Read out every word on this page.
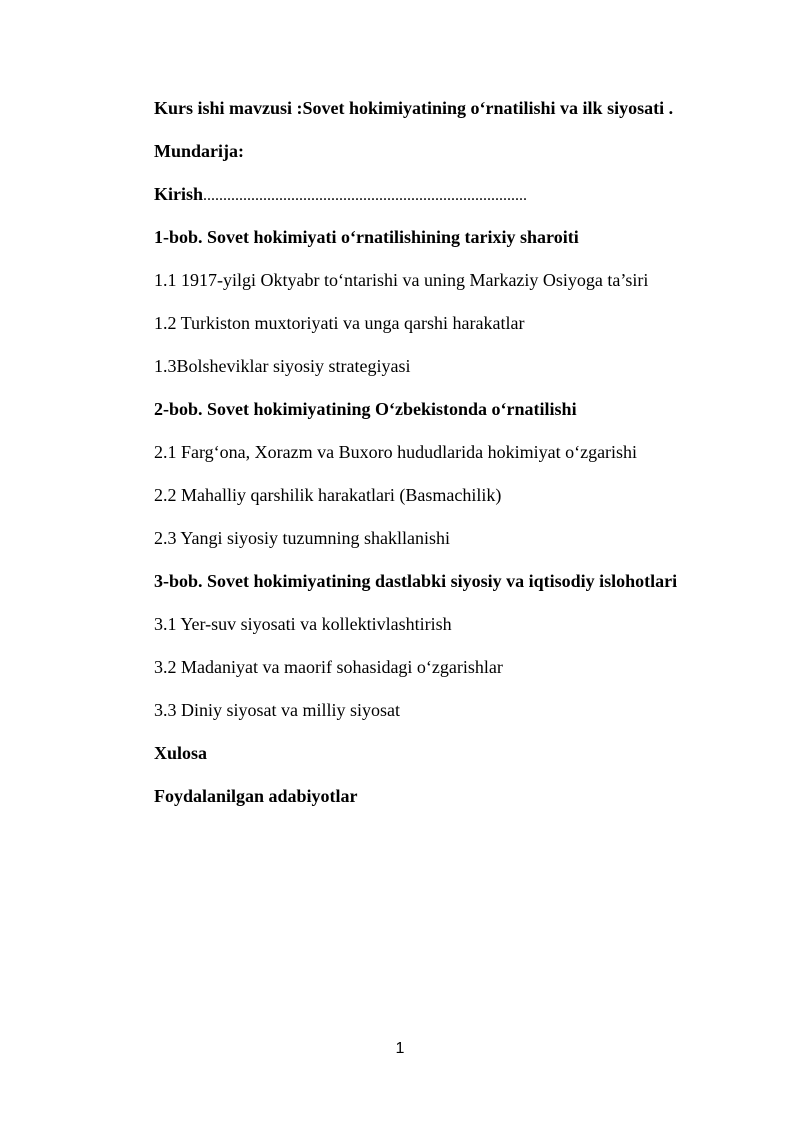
Kurs ishi mavzusi :Sovet hokimiyatining o‘rnatilishi va ilk siyosati .
Mundarija:
Kirish.................................................................................
1-bob. Sovet hokimiyati o‘rnatilishining tarixiy sharoiti
1.1 1917-yilgi Oktyabr to‘ntarishi va uning Markaziy Osiyoga ta’siri
1.2 Turkiston muxtoriyati va unga qarshi harakatlar
1.3Bolsheviklar siyosiy strategiyasi
2-bob. Sovet hokimiyatining O‘zbekistonda o‘rnatilishi
2.1 Farg‘ona, Xorazm va Buxoro hududlarida hokimiyat o‘zgarishi
2.2 Mahalliy qarshilik harakatlari (Basmachilik)
2.3 Yangi siyosiy tuzumning shakllanishi
3-bob. Sovet hokimiyatining dastlabki siyosiy va iqtisodiy islohotlari
3.1 Yer-suv siyosati va kollektivlashtirish
3.2 Madaniyat va maorif sohasidagi o‘zgarishlar
3.3 Diniy siyosat va milliy siyosat
Xulosa
Foydalanilgan adabiyotlar
1
